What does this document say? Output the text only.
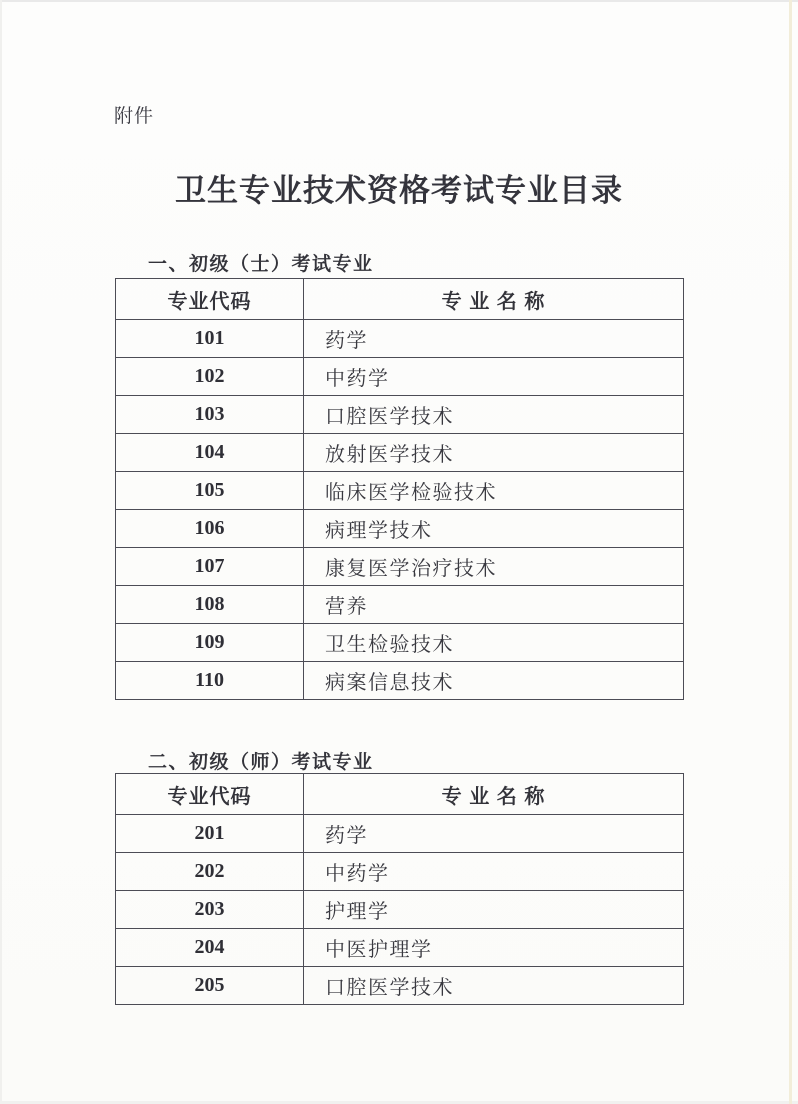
附件
卫生专业技术资格考试专业目录
一、初级（士）考试专业
专业代码	专 业 名 称
101	药学
102	中药学
103	口腔医学技术
104	放射医学技术
105	临床医学检验技术
106	病理学技术
107	康复医学治疗技术
108	营养
109	卫生检验技术
110	病案信息技术
二、初级（师）考试专业
专业代码	专 业 名 称
201	药学
202	中药学
203	护理学
204	中医护理学
205	口腔医学技术
